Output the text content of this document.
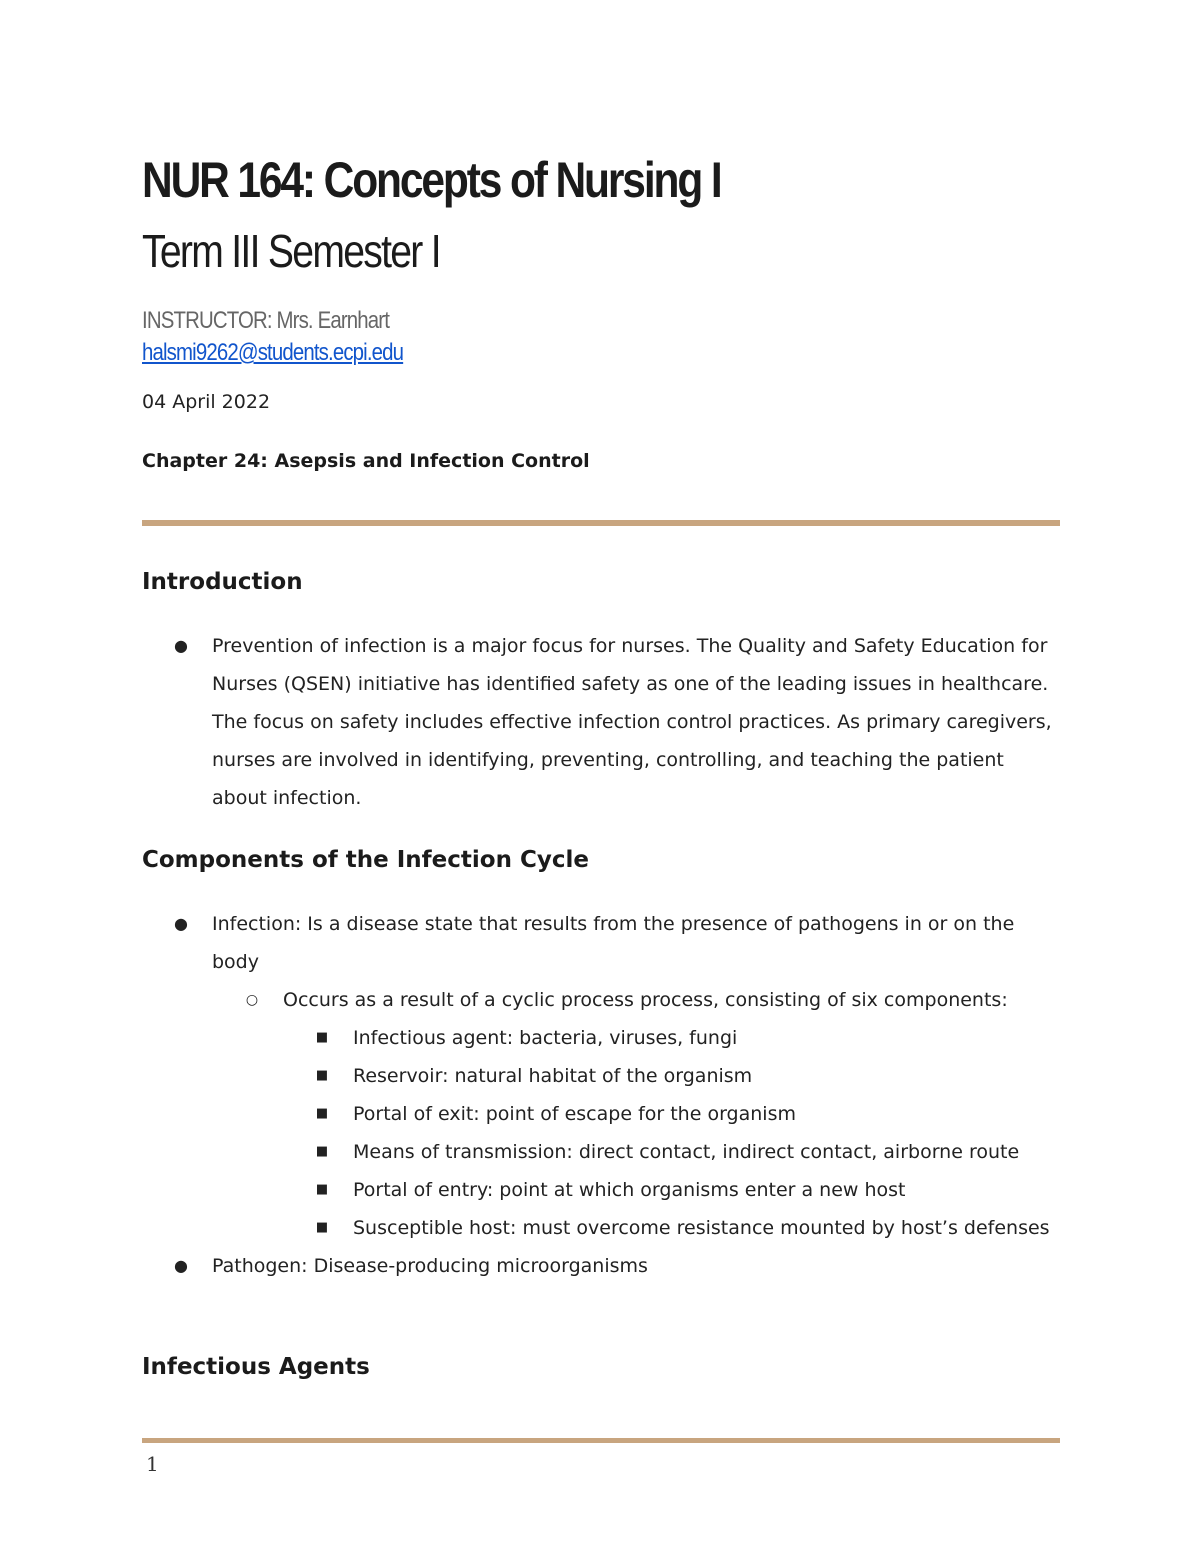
NUR 164: Concepts of Nursing I
Term III Semester I
INSTRUCTOR: Mrs. Earnhart
halsmi9262@students.ecpi.edu
04 April 2022
Chapter 24: Asepsis and Infection Control
Introduction
● Prevention of infection is a major focus for nurses. The Quality and Safety Education for Nurses (QSEN) initiative has identified safety as one of the leading issues in healthcare. The focus on safety includes effective infection control practices. As primary caregivers, nurses are involved in identifying, preventing, controlling, and teaching the patient about infection.
Components of the Infection Cycle
● Infection: Is a disease state that results from the presence of pathogens in or on the body
○ Occurs as a result of a cyclic process process, consisting of six components:
■ Infectious agent: bacteria, viruses, fungi
■ Reservoir: natural habitat of the organism
■ Portal of exit: point of escape for the organism
■ Means of transmission: direct contact, indirect contact, airborne route
■ Portal of entry: point at which organisms enter a new host
■ Susceptible host: must overcome resistance mounted by host’s defenses
● Pathogen: Disease-producing microorganisms
Infectious Agents
1
